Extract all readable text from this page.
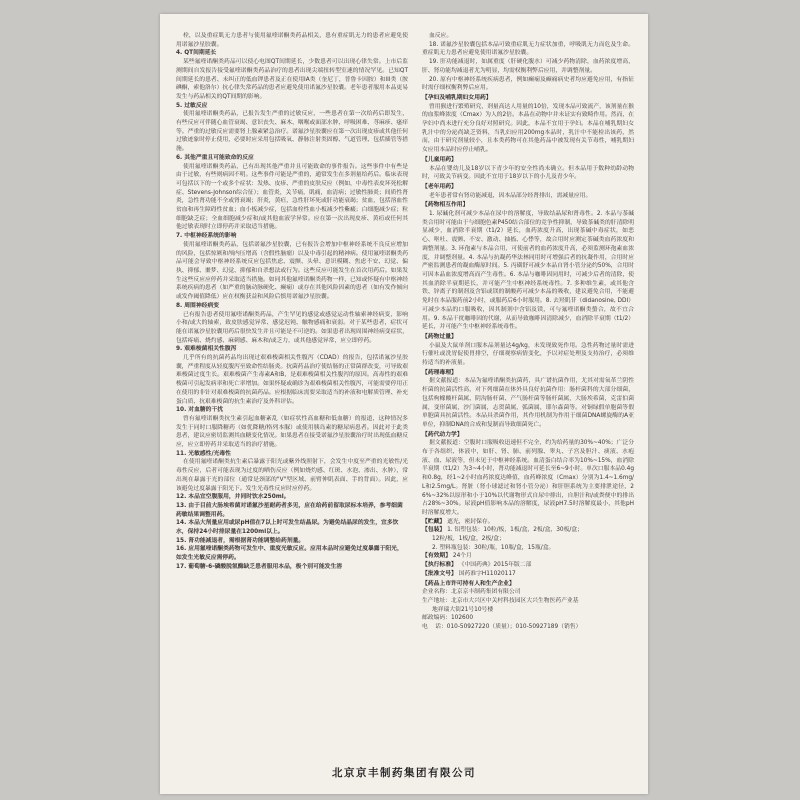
栓，以及重症肌无力患者与使用氟喹诺酮类药品相关，患有重症肌无力的患者应避免使用诺氟沙星胶囊。

4. QT间期延长

某些氟喹诺酮类药品可以使心电图QT间期延长，少数患者可以出现心律失常。上市后监测期间自发报告接受氟喹诺酮类药品治疗的患者出现尖端扭转型室速的情况罕见。已知QT间期延长的患者、未纠正的低血钾患者及正在使用IA类（奎尼丁，普鲁卡因胺）和III类（胺碘酮，索他洛尔）抗心律失常药品的患者应避免使用诺氟沙星胶囊。老年患者服用本品更易发生与药品相关的QT间期的影响。

5. 过敏反应

使用氟喹诺酮类药品，已报告发生严重的过敏反应，一些患者在第一次给药后即发生，有些反应可伴随心血管衰竭、意识丧失、麻木、咽喉或面部水肿、呼吸困难、荨麻疹、瘙痒等。严重的过敏反应需要肾上腺素紧急治疗。诺氟沙星胶囊应在第一次出现皮疹或其他任何过敏迹象时停止使用，必要时应采用包括吸氧、静脉注射类固醇、气道管理、包括插管等措施。

6. 其他严重且可能致命的反应

使用氟喹诺酮类药品，已有出现其他严重并且可能致命的事件报告。这些事件中有些是由于过敏，有些则病因不明。这些事件可能是严重的，通常发生在多剂量给药后。临床表现可包括以下的一个或多个症状：发热、皮疹、严重的皮肤反应（例如，中毒性表皮坏死松解症、Stevens-Johnson综合征）；血管炎，关节痛，肌痛，血清病；过敏性肺炎；间质性肾炎，急性肾功能不全或肾衰竭；肝炎，黄疸，急性肝坏死或肝功能衰竭；贫血，包括溶血性贫血和再生障碍性贫血；血小板减少症，包括血栓性血小板减少性紫癜；白细胞减少症；粒细胞缺乏症；全血细胞减少症和/或其他血液学异常。应在第一次出现皮疹、黄疸或任何其他过敏表现时立即停药并采取适当措施。

7. 中枢神经系统的影响

使用氟喹诺酮类药品，包括诺氟沙星胶囊，已有报告会增加中枢神经系统不良反应增加的风险，包括惊厥和颅内压增高（含假性脑瘤）以及中毒引起的精神病。使用氟喹诺酮类药品可能会导致中枢神经系统反应包括焦虑、震颤、头晕、意识模糊、焦虑不安、幻觉、偏执、抑郁、噩梦、幻觉、抑郁和自杀想法或行为。这些反应可能发生在首次用药后。如果发生这些反应应停药并采取适当措施。如同其他氟喹诺酮类药物一样，已知或怀疑有中枢神经系统疾病的患者（如严重的脑动脉硬化、癫痫）或存在其他风险因素的患者（如有发作倾向或发作阈值降低）应在权衡获益和风险后慎用诺氟沙星胶囊。

8. 周围神经病变

已有报告患者使用氟喹诺酮类药品，产生罕见的感觉或感觉运动性轴索神经病变，影响小和/或大的轴索，致皮肤感觉异常、感觉迟钝、触物感痛和衰弱。对于某些患者，症状可能在诺氟沙星胶囊用药后很快发生并且可能是不可逆的。如果患者出现周围神经病变症状，包括疼痛、烧灼感、麻刺感、麻木和/或乏力，或其他感觉异常，应立即停药。

9. 艰难梭菌相关性腹泻

几乎所有的抗菌药品均出现过艰难梭菌相关性腹泻（CDAD）的报告，包括诺氟沙星胶囊，严重程度从轻度腹泻至致命性结肠炎。抗菌药品治疗使结肠的正常菌群改变，可导致艰难梭菌过度生长。艰难梭菌产生毒素A和B，是艰难梭菌相关性腹泻的原因。高毒性的艰难梭菌可引起发病率和死亡率增加。如果怀疑或确诊为艰难梭菌相关性腹泻，可能需要停用正在使用的非针对艰难梭菌的抗菌药品。应根据临床需要采取适当的补液和电解质管理、补充蛋白质、抗艰难梭菌的抗生素治疗及外科评估。

10. 对血糖的干扰

曾有氟喹诺酮类抗生素引起血糖紊乱（如症状性高血糖和低血糖）的报道，这种情况多发生于同时口服降糖药（如优降糖/格列本脲）或使用胰岛素的糖尿病患者。因此对于此类患者，建议应密切监测其血糖变化情况。如果患者在接受诺氟沙星胶囊治疗时出现低血糖反应，应立即停药并采取适当的治疗措施。

11. 光敏感性/光毒性

在使用氟喹诺酮类抗生素后暴露于阳光或紫外线照射下，会发生中度至严重的光敏性/光毒性反应，后者可能表现为过度的晒伤反应（例如烧灼感、红斑、水泡、渗出、水肿），常出现在暴露于光的部位（通常是颈部的"V"型区域、前臂伸肌表面、手的背面）。因此，应该避免过度暴露于阳光下。发生光毒性反应时应停药。

12. 本品宜空腹服用，并同时饮水250ml。

13. 由于目前大肠埃希菌对诺氟沙星耐药者多见，应在给药前留取尿标本培养，参考细菌药敏结果调整用药。

14. 本品大剂量应用或尿pH值在7以上时可发生结晶尿。为避免结晶尿的发生，宜多饮水，保持24小时排尿量在1200ml以上。

15. 肾功能减退者，需根据肾功能调整给药剂量。

16. 应用氟喹诺酮类药物可发生中、重度光敏反应。应用本品时应避免过度暴露于阳光，如发生光敏反应需停药。

17. 葡萄糖-6-磷酸脱氢酶缺乏患者服用本品，极个别可能发生溶

血反应。

18. 诺氟沙星胶囊包括本品可致重症肌无力症状加重，呼吸肌无力而危及生命。重症肌无力患者应避免使用诺氟沙星胶囊。

19. 肝功能减退时，如属重度（肝硬化腹水）可减少药物清除，血药浓度增高，肝、肾功能均减退者尤为明显，均需权衡利弊后应用，并调整剂量。

20. 原有中枢神经系统疾病患者，例如癫痫及癫痫病史者均应避免应用，有指征时需仔细权衡利弊后应用。

【 孕妇及哺乳期妇女用药 】

曾用猴进行繁殖研究，剂量高达人用量的10倍，发现本品可致流产，该剂量在猴的血浆峰浓度（Cmax）为人的2倍。本品在动物中并未证实有致畸作用。然而，在孕妇中尚未进行充分良好对照研究。因此，本品不宜用于孕妇。本品在哺乳期妇女乳汁中的分泌尚缺乏资料，当乳妇应用200mg本品时，乳汁中不能检出该药，然而，由于研究剂量较小，且本类药物可在其他药品中被发现有关节毒性，哺乳期妇女应用本品时应停止哺乳。

【 儿童用药 】

本品在婴幼儿及18岁以下青少年的安全性尚未确立。但本品用于数种幼龄动物时，可致关节病变。因此不宜用于18岁以下的小儿及青少年。

【 老年用药 】

老年患者常有肾功能减退，因本品部分经肾排出，需减量应用。

【 药物相互作用 】

1. 尿碱化剂可减少本品在尿中的溶解度，导致结晶尿和肾毒性。2. 本品与茶碱类合用时可能由于与细胞色素P450结合部位的竞争性抑制，导致茶碱类的肝清除明显减少，血消除半衰期（t1/2）延长，血药浓度升高，出现茶碱中毒症状，如恶心、呕吐、震颤、不安、激动、抽搐、心悸等，故合用时应测定茶碱类血药浓度和调整剂量。3. 环孢素与本品合用，可使前者的血药浓度升高，必须监测环孢素血浓度，并调整剂量。4. 本品与抗凝药华法林同用时可增强后者的抗凝作用，合用时应严密监测患者的凝血酶原时间。5. 丙磺舒可减少本品自肾小管分泌约50%，合用时可因本品血浓度增高而产生毒性。6. 本品与咖啡因同用时，可减少后者的清除，使其血消除半衰期延长，并可能产生中枢神经系统毒性。7. 多种维生素，或其他含铁、锌离子的制剂及含铝或镁的制酸药可减少本品的吸收，建议避免合用，不能避免时在本品服药前2小时，或服药后6小时服用。8. 去羟肌苷（didanosine, DDI）可减少本品的口服吸收，因其制剂中含铝及镁，可与氟喹诺酮类螯合，故不宜合用。9. 本品干扰咖啡因的代谢，从而导致咖啡因清除减少，血消除半衰期（t1/2）延长，并可能产生中枢神经系统毒性。

【 药物过量 】

小鼠及大鼠单剂口服本品剂量达4g/kg，未发现致死作用。急性药物过量时需进行催吐或洗胃促使胃排空，仔细观察病情变化，予以对症处理及支持治疗，必须维持适当的补液量。

【 药理毒理 】

据文献报道：本品为氟喹诺酮类抗菌药，具广谱抗菌作用，尤其对需氧革兰阴性杆菌的抗菌活性高，对下列细菌在体外具良好抗菌作用：肠杆菌科的大部分细菌，包括枸橼酸杆菌属、阴沟肠杆菌、产气肠杆菌等肠杆菌属，大肠埃希菌，克雷伯菌属，变形菌属，沙门菌属，志贺菌属，弧菌属，耶尔森菌等。对铜绿假单胞菌等假单胞菌具抗菌活性。本品具杀菌作用，其作用机制为作用于细菌DNA螺旋酶的A亚单位，抑制DNA的合成和复制而导致细菌死亡。

【 药代动力学 】

据文献报道：空腹时口服吸收迅速但不完全，约为给药量的30%~40%；广泛分布于各组织、体液中，如肝、肾、肺、前列腺、睾丸、子宫及胆汁、痰液、水疱液、血、尿液等，但未见于中枢神经系统。血清蛋白结合率为10%~15%，血消除半衰期（t1/2）为3~4小时，肾功能减退时可延长至6~9小时。单次口服本品0.4g和0.8g，经1~2小时血药浓度达峰值，血药峰浓度（Cmax）分别为1.4~1.6mg/L和2.5mg/L。肾脏（肾小球滤过和肾小管分泌）和肝胆系统为主要排泄途径，26%~32%以原形和小于10%以代谢物形式自尿中排出，自胆汁和/或粪便中的排出占28%~30%。尿液pH值影响本品的溶解度，尿液pH7.5时溶解度最小，其他pH时溶解度增大。

【 贮藏 】 遮光，密封保存。

【 包装 】 1. 铝塑包装：10粒/板，1板/盒，2板/盒，30板/盒；

12粒/板，1板/盒，2板/盒；

2. 塑料瓶包装：30粒/瓶，10瓶/盒，15瓶/盒。

【 有效期 】 24个月

【 执行标准 】 《中国药典》2015年版二部

【 批准文号 】 国药准字H11020117

【 药品上市许可持有人和生产企业 】

企业名称：北京京丰制药集团有限公司

生产地址：北京市大兴区中关村科技园区大兴生物医药产业基

地祥瑞大街21号10号楼

邮政编码：102600

电    话：010-50927220（质量）；010-50927189（销售）

北京京丰制药集团有限公司
